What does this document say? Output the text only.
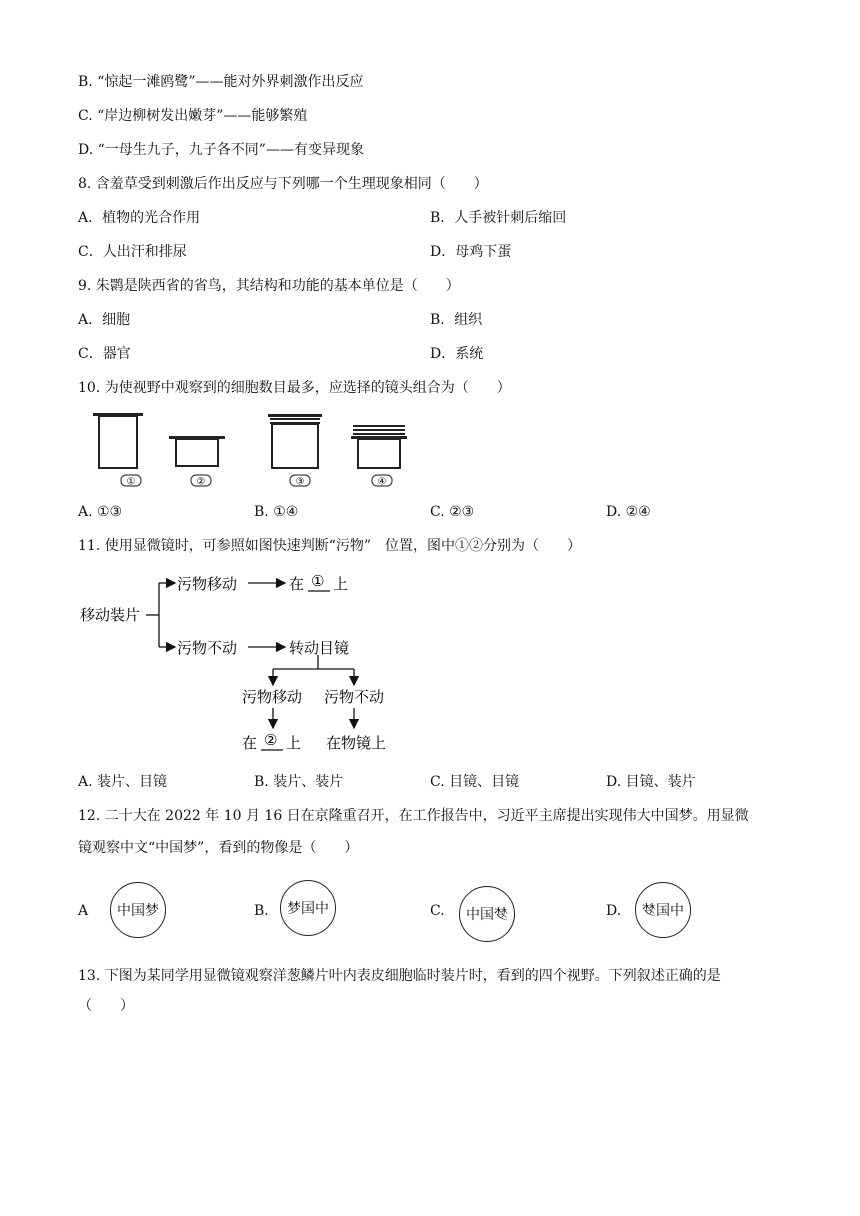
B. “惊起一滩鸥鹭”——能对外界刺激作出反应
C. “岸边柳树发出嫩芽”——能够繁殖
D. “一母生九子，九子各不同”——有变异现象
8. 含羞草受到刺激后作出反应与下列哪一个生理现象相同（　　）
A．植物的光合作用	B．人手被针刺后缩回
C．人出汗和排尿	D．母鸡下蛋
9. 朱鹮是陕西省的省鸟，其结构和功能的基本单位是（　　）
A．细胞	B．组织
C．器官	D．系统
10. 为使视野中观察到的细胞数目最多，应选择的镜头组合为（　　）
①	②	③	④
A. ①③	B. ①④	C. ②③	D. ②④
11. 使用显微镜时，可参照如图快速判断“污物”　位置，图中①②分别为（　　）
移动装片
污物移动
污物不动
在 ① 上
转动目镜
污物移动 污物不动
在 ② 上 在物镜上
A. 装片、目镜	B. 装片、装片	C. 目镜、目镜	D. 目镜、装片
12. 二十大在 2022 年 10 月 16 日在京隆重召开，在工作报告中，习近平主席提出实现伟大中国梦。用显微
镜观察中文“中国梦”，看到的物像是（　　）
A 中国梦	B. 梦国中	C. 中国 梦	D. 梦 国中
13. 下图为某同学用显微镜观察洋葱鳞片叶内表皮细胞临时装片时，看到的四个视野。下列叙述正确的是
（　　）
